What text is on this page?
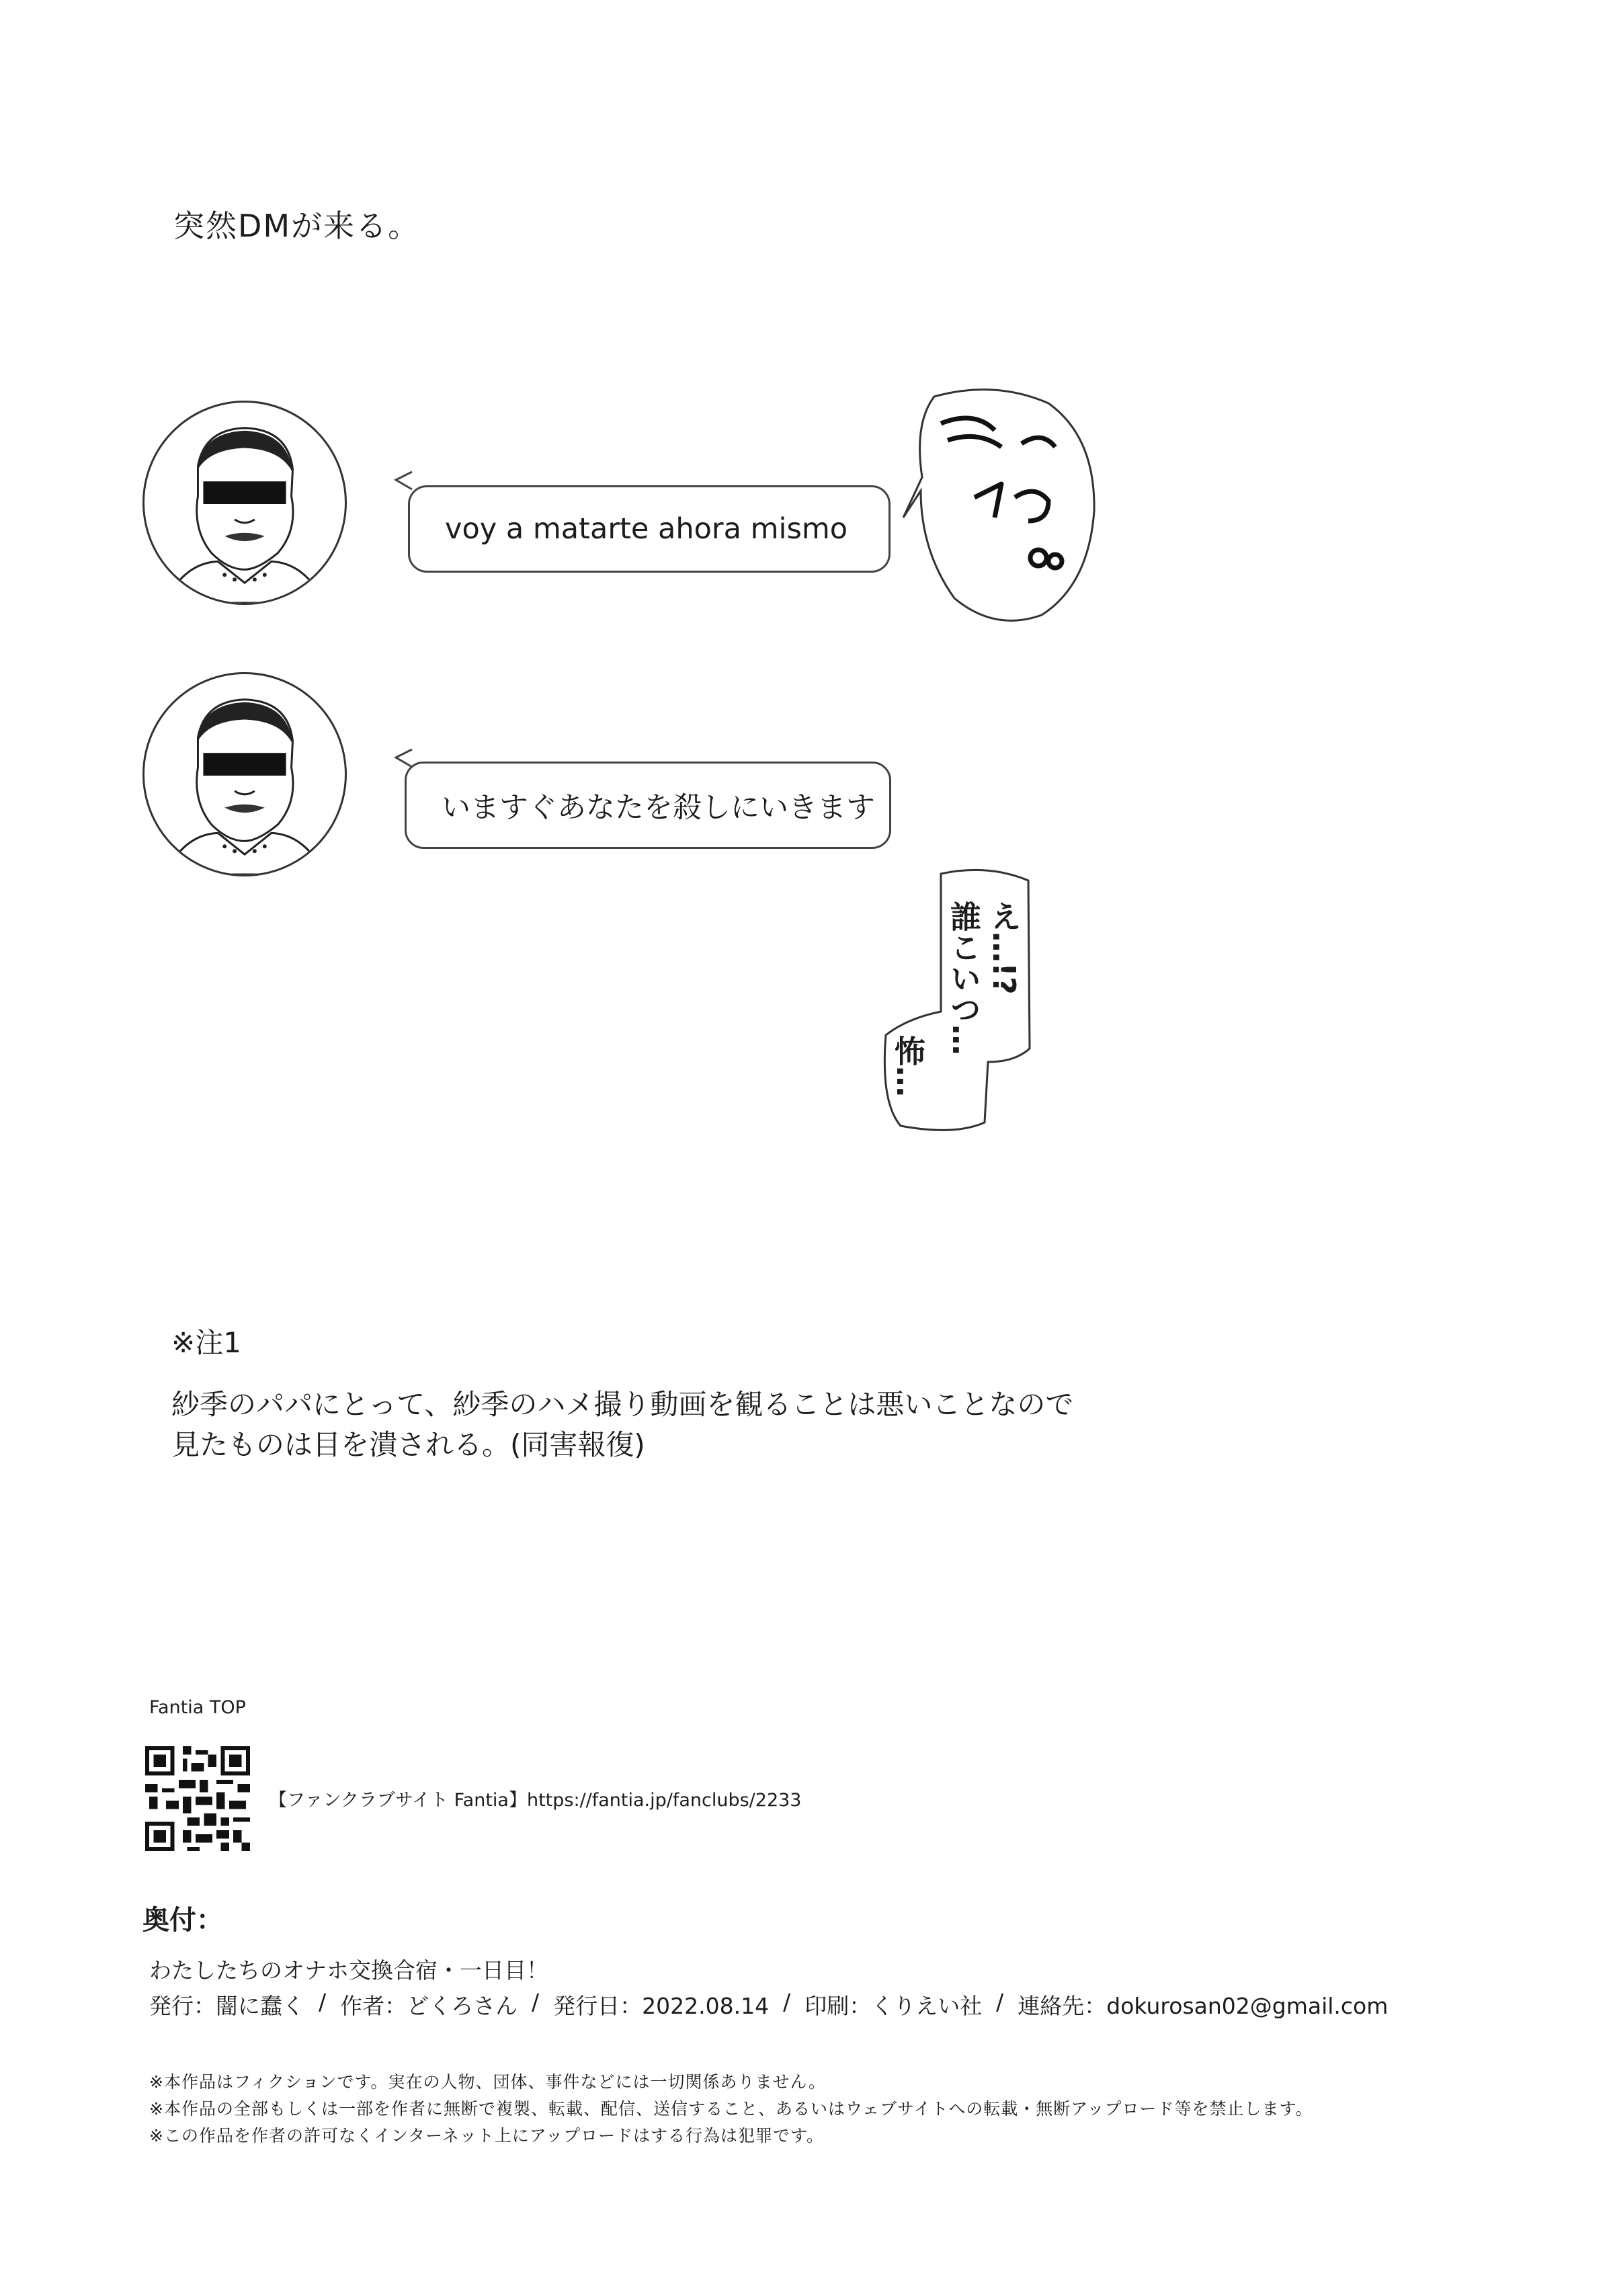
突然DMが来る。
voy a matarte ahora mismo
いますぐあなたを殺しにいきます
え…!?
誰こいつ…
怖…
※注1
紗季のパパにとって、紗季のハメ撮り動画を観ることは悪いことなので
見たものは目を潰される。(同害報復)
Fantia TOP
【ファンクラブサイト Fantia】https://fantia.jp/fanclubs/2233
奥付：
わたしたちのオナホ交換合宿・一日目！
発行：闇に蠢く / 作者：どくろさん / 発行日：2022.08.14 / 印刷：くりえい社 / 連絡先：dokurosan02@gmail.com
※本作品はフィクションです。実在の人物、団体、事件などには一切関係ありません。
※本作品の全部もしくは一部を作者に無断で複製、転載、配信、送信すること、あるいはウェブサイトへの転載・無断アップロード等を禁止します。
※この作品を作者の許可なくインターネット上にアップロードはする行為は犯罪です。
